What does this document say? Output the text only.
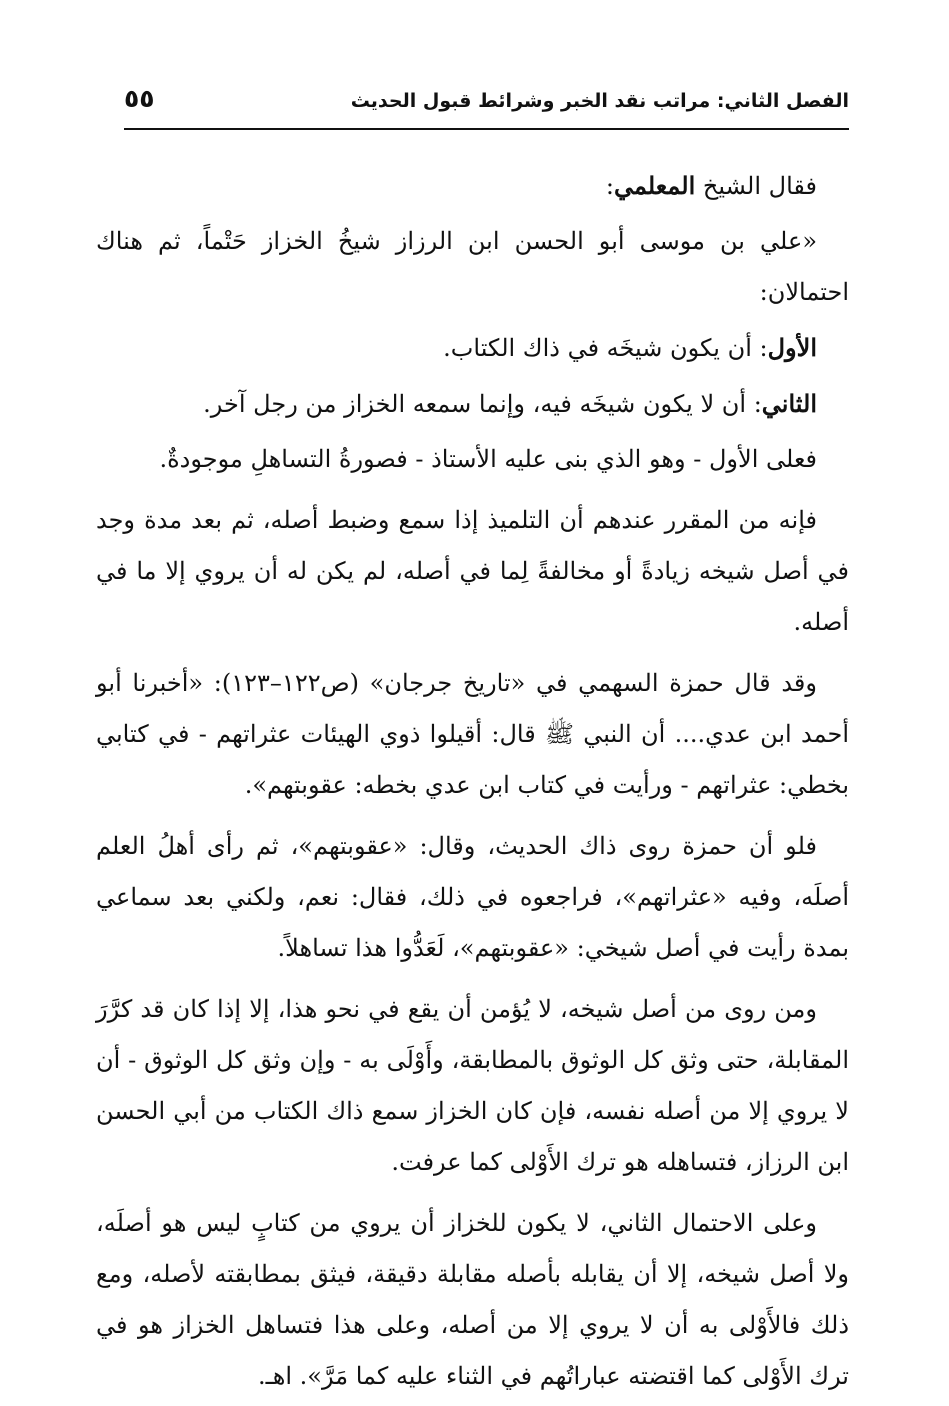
الفصل الثاني: مراتب نقد الخبر وشرائط قبول الحديث
٥٥

فقال الشيخ المعلمي:

«علي بن موسى أبو الحسن ابن الرزاز شيخُ الخزاز حَتْماً، ثم هناك احتمالان:

الأول: أن يكون شيخَه في ذاك الكتاب.

الثاني: أن لا يكون شيخَه فيه، وإنما سمعه الخزاز من رجل آخر.

فعلى الأول - وهو الذي بنى عليه الأستاذ - فصورةُ التساهلِ موجودةٌ.

فإنه من المقرر عندهم أن التلميذ إذا سمع وضبط أصله، ثم بعد مدة وجد في أصل شيخه زيادةً أو مخالفةً لِما في أصله، لم يكن له أن يروي إلا ما في أصله.

وقد قال حمزة السهمي في «تاريخ جرجان» (ص١٢٢–١٢٣): «أخبرنا أبو أحمد ابن عدي.... أن النبي ﷺ قال: أقيلوا ذوي الهيئات عثراتهم - في كتابي بخطي: عثراتهم - ورأيت في كتاب ابن عدي بخطه: عقوبتهم».

فلو أن حمزة روى ذاك الحديث، وقال: «عقوبتهم»، ثم رأى أهلُ العلم أصلَه، وفيه «عثراتهم»، فراجعوه في ذلك، فقال: نعم، ولكني بعد سماعي بمدة رأيت في أصل شيخي: «عقوبتهم»، لَعَدُّوا هذا تساهلاً.

ومن روى من أصل شيخه، لا يُؤمن أن يقع في نحو هذا، إلا إذا كان قد كرَّرَ المقابلة، حتى وثق كل الوثوق بالمطابقة، وأَوْلَى به - وإن وثق كل الوثوق - أن لا يروي إلا من أصله نفسه، فإن كان الخزاز سمع ذاك الكتاب من أبي الحسن ابن الرزاز، فتساهله هو ترك الأَوْلى كما عرفت.

وعلى الاحتمال الثاني، لا يكون للخزاز أن يروي من كتابٍ ليس هو أصلَه، ولا أصل شيخه، إلا أن يقابله بأصله مقابلة دقيقة، فيثق بمطابقته لأصله، ومع ذلك فالأَوْلى به أن لا يروي إلا من أصله، وعلى هذا فتساهل الخزاز هو في ترك الأَوْلى كما اقتضته عباراتُهم في الثناء عليه كما مَرَّ». اهـ.
